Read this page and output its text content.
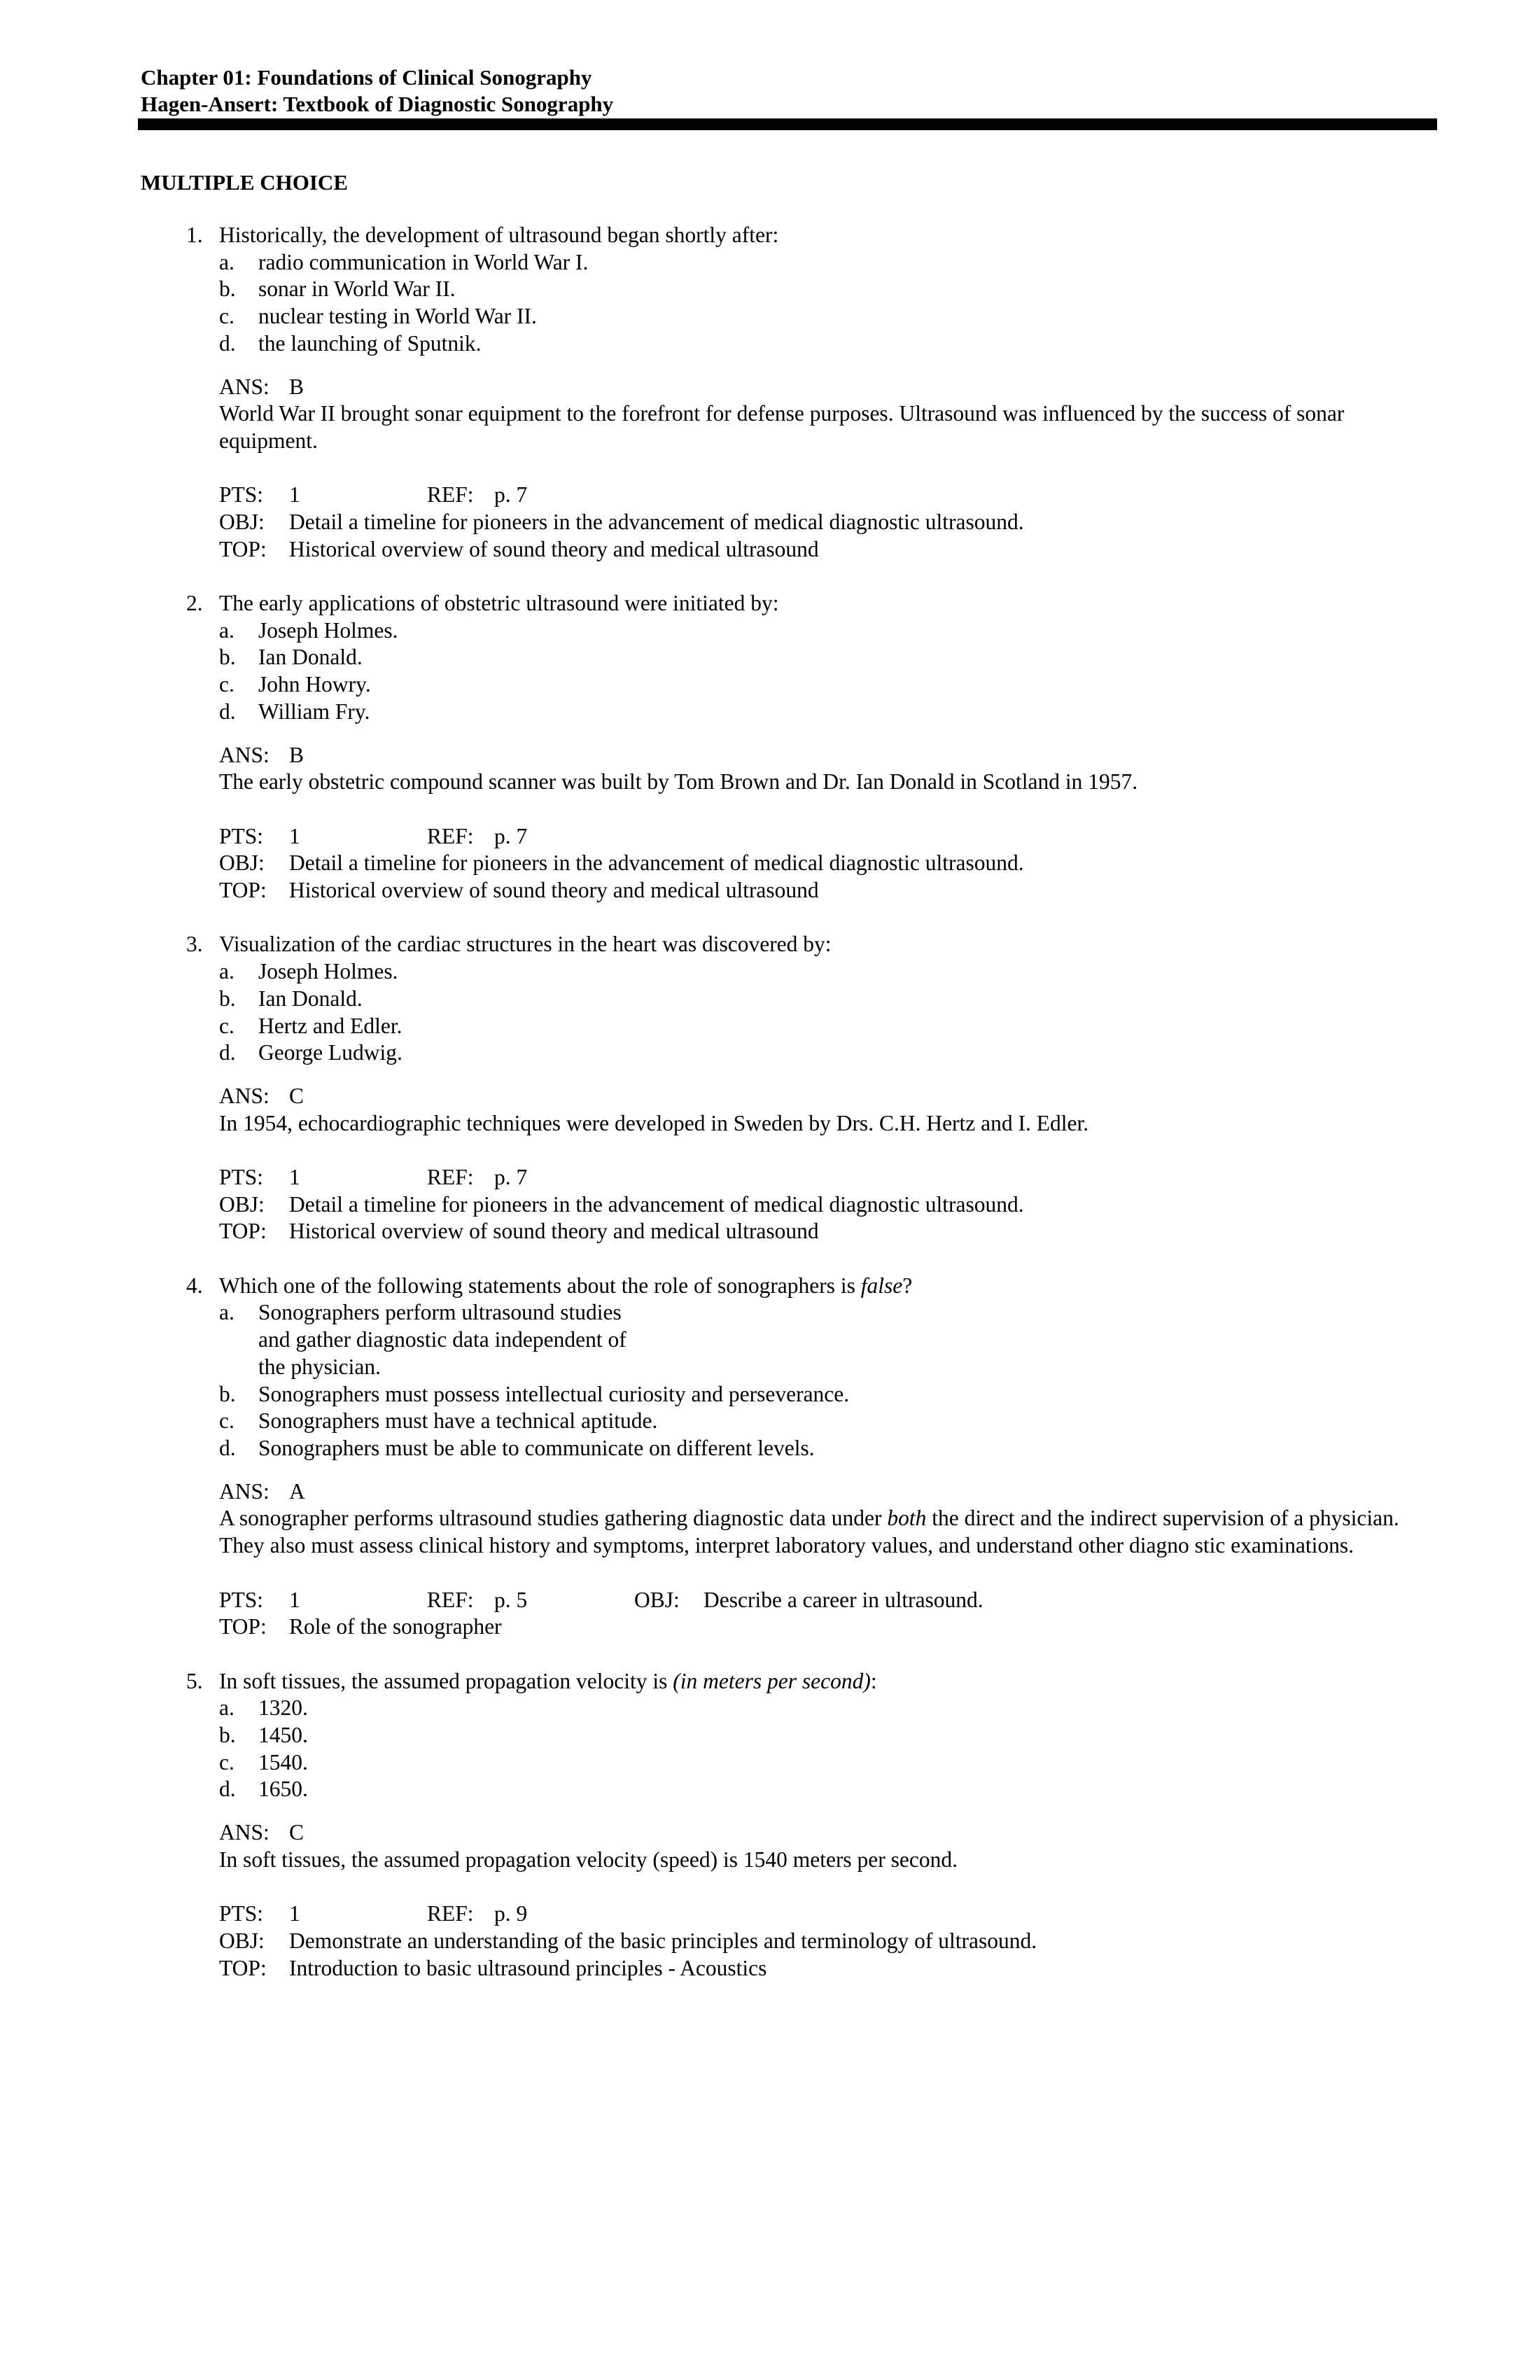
Chapter 01: Foundations of Clinical Sonography
Hagen-Ansert: Textbook of Diagnostic Sonography
MULTIPLE CHOICE
1. Historically, the development of ultrasound began shortly after:
a. radio communication in World War I.
b. sonar in World War II.
c. nuclear testing in World War II.
d. the launching of Sputnik.
ANS: B
World War II brought sonar equipment to the forefront for defense purposes. Ultrasound was influenced by the success of sonar equipment.
PTS: 1	REF: p. 7
OBJ: Detail a timeline for pioneers in the advancement of medical diagnostic ultrasound.
TOP: Historical overview of sound theory and medical ultrasound
2. The early applications of obstetric ultrasound were initiated by:
a. Joseph Holmes.
b. Ian Donald.
c. John Howry.
d. William Fry.
ANS: B
The early obstetric compound scanner was built by Tom Brown and Dr. Ian Donald in Scotland in 1957.
PTS: 1	REF: p. 7
OBJ: Detail a timeline for pioneers in the advancement of medical diagnostic ultrasound.
TOP: Historical overview of sound theory and medical ultrasound
3. Visualization of the cardiac structures in the heart was discovered by:
a. Joseph Holmes.
b. Ian Donald.
c. Hertz and Edler.
d. George Ludwig.
ANS: C
In 1954, echocardiographic techniques were developed in Sweden by Drs. C.H. Hertz and I. Edler.
PTS: 1	REF: p. 7
OBJ: Detail a timeline for pioneers in the advancement of medical diagnostic ultrasound.
TOP: Historical overview of sound theory and medical ultrasound
4. Which one of the following statements about the role of sonographers is false?
a. Sonographers perform ultrasound studies and gather diagnostic data independent of the physician.
b. Sonographers must possess intellectual curiosity and perseverance.
c. Sonographers must have a technical aptitude.
d. Sonographers must be able to communicate on different levels.
ANS: A
A sonographer performs ultrasound studies gathering diagnostic data under both the direct and the indirect supervision of a physician. They also must assess clinical history and symptoms, interpret laboratory values, and understand other diagno stic examinations.
PTS: 1	REF: p. 5	OBJ: Describe a career in ultrasound.
TOP: Role of the sonographer
5. In soft tissues, the assumed propagation velocity is (in meters per second):
a. 1320.
b. 1450.
c. 1540.
d. 1650.
ANS: C
In soft tissues, the assumed propagation velocity (speed) is 1540 meters per second.
PTS: 1	REF: p. 9
OBJ: Demonstrate an understanding of the basic principles and terminology of ultrasound.
TOP: Introduction to basic ultrasound principles - Acoustics
